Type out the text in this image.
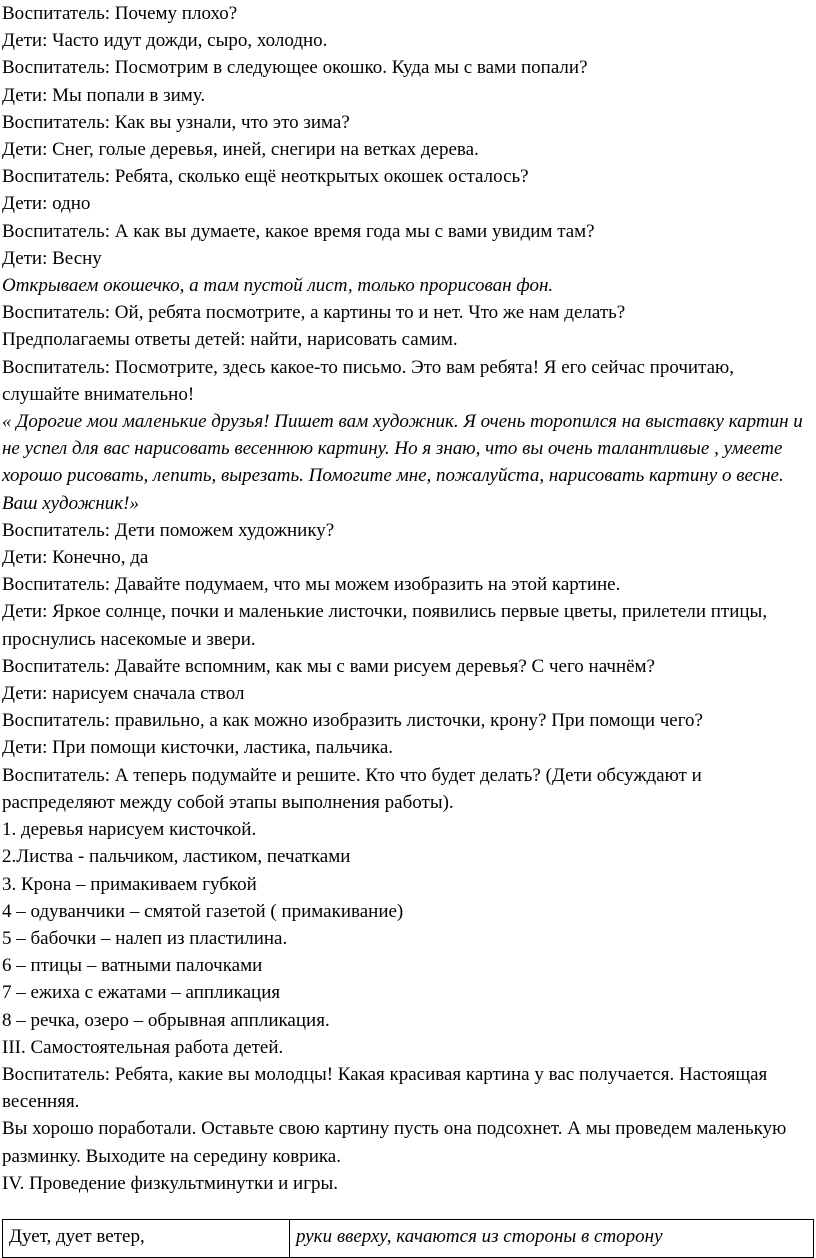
Воспитатель: Почему плохо?

Дети: Часто идут дожди, сыро, холодно.

Воспитатель: Посмотрим в следующее окошко. Куда мы с вами попали?

Дети: Мы попали в зиму.

Воспитатель: Как вы узнали, что это зима?

Дети: Снег, голые деревья, иней, снегири на ветках дерева.

Воспитатель: Ребята, сколько ещё неоткрытых окошек осталось?

Дети: одно

Воспитатель: А как вы думаете, какое время года мы с вами увидим там?

Дети: Весну

Открываем окошечко, а там пустой лист, только прорисован фон.

Воспитатель: Ой, ребята посмотрите, а картины то и нет. Что же нам делать?

Предполагаемы ответы детей: найти, нарисовать самим.

Воспитатель: Посмотрите, здесь какое-то письмо. Это вам ребята! Я его сейчас прочитаю, слушайте внимательно!

« Дорогие мои маленькие друзья! Пишет вам художник. Я очень торопился на выставку картин и не успел для вас нарисовать весеннюю картину. Но я знаю, что вы очень талантливые , умеете хорошо рисовать, лепить, вырезать. Помогите мне, пожалуйста, нарисовать картину о весне. Ваш художник!»

Воспитатель: Дети поможем художнику?

Дети: Конечно, да

Воспитатель: Давайте подумаем, что мы можем изобразить на этой картине.

Дети: Яркое солнце, почки и маленькие листочки, появились первые цветы, прилетели птицы, проснулись насекомые и звери.

Воспитатель: Давайте вспомним, как мы с вами рисуем деревья? С чего начнём?

Дети: нарисуем сначала ствол

Воспитатель: правильно, а как можно изобразить листочки, крону? При помощи чего?

Дети: При помощи кисточки, ластика, пальчика.

Воспитатель: А теперь подумайте и решите. Кто что будет делать? (Дети обсуждают и распределяют между собой этапы выполнения работы).

1. деревья нарисуем кисточкой.

2.Листва - пальчиком, ластиком, печатками

3. Крона – примакиваем губкой

4 – одуванчики – смятой газетой ( примакивание)

5 – бабочки – налеп из пластилина.

6 – птицы – ватными палочками

7 – ежиха с ежатами – аппликация

8 – речка, озеро – обрывная аппликация.

III. Самостоятельная работа детей.

Воспитатель: Ребята, какие вы молодцы! Какая красивая картина у вас получается. Настоящая весенняя.

Вы хорошо поработали. Оставьте свою картину пусть она подсохнет. А мы проведем маленькую разминку. Выходите на середину коврика.

IV. Проведение физкультминутки и игры.

Дует, дует ветер,	руки вверху, качаются из стороны в сторону
